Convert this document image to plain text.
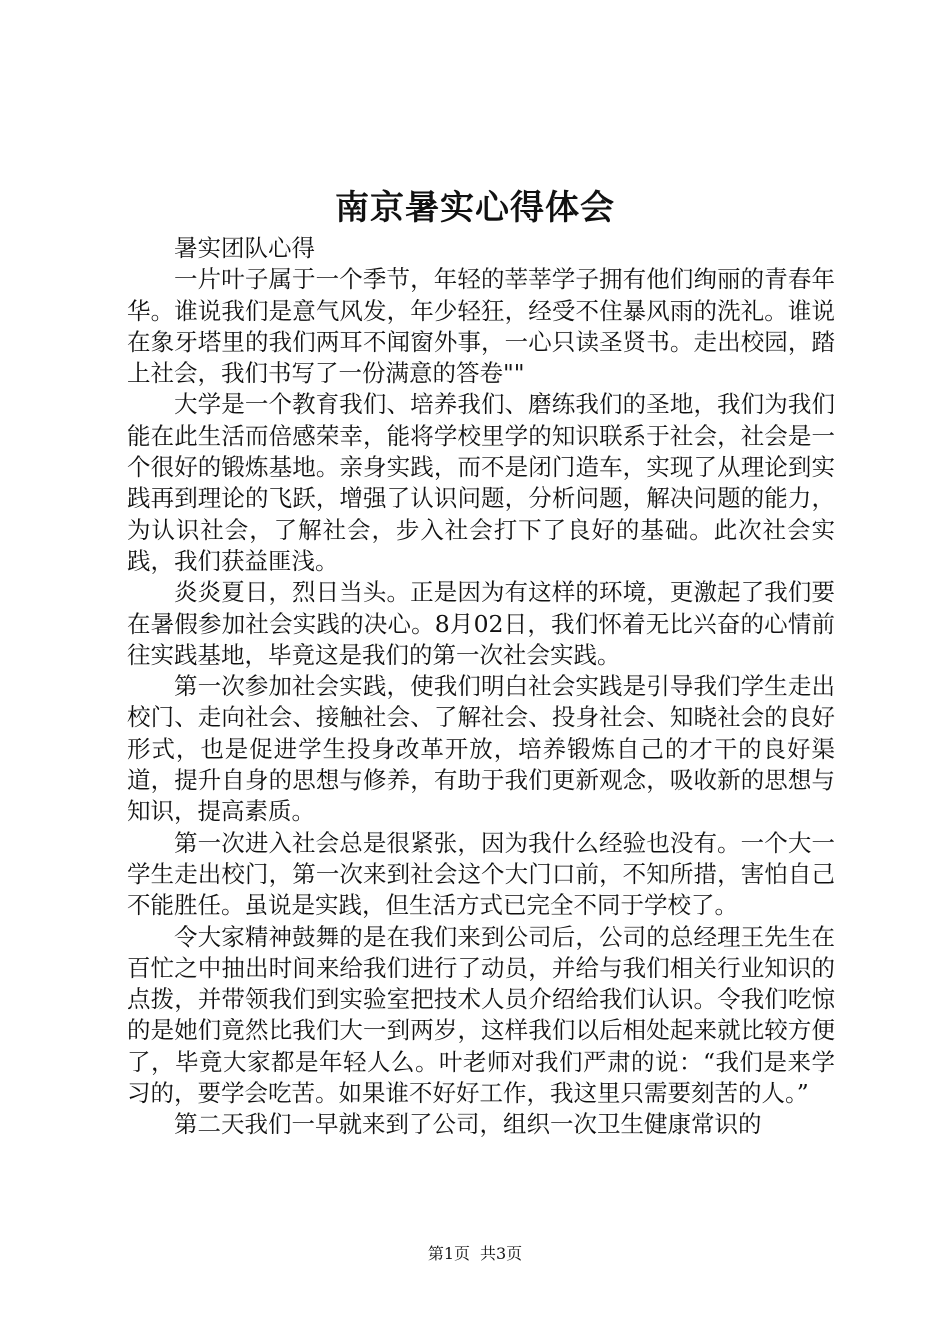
南京暑实心得体会

暑实团队心得

一片叶子属于一个季节，年轻的莘莘学子拥有他们绚丽的青春年华。谁说我们是意气风发，年少轻狂，经受不住暴风雨的洗礼。谁说在象牙塔里的我们两耳不闻窗外事，一心只读圣贤书。走出校园，踏上社会，我们书写了一份满意的答卷""

大学是一个教育我们、培养我们、磨练我们的圣地，我们为我们能在此生活而倍感荣幸，能将学校里学的知识联系于社会，社会是一个很好的锻炼基地。亲身实践，而不是闭门造车，实现了从理论到实践再到理论的飞跃，增强了认识问题，分析问题，解决问题的能力，为认识社会，了解社会，步入社会打下了良好的基础。此次社会实践，我们获益匪浅。

炎炎夏日，烈日当头。正是因为有这样的环境，更激起了我们要在暑假参加社会实践的决心。8月02日，我们怀着无比兴奋的心情前往实践基地，毕竟这是我们的第一次社会实践。

第一次参加社会实践，使我们明白社会实践是引导我们学生走出校门、走向社会、接触社会、了解社会、投身社会、知晓社会的良好形式，也是促进学生投身改革开放，培养锻炼自己的才干的良好渠道，提升自身的思想与修养，有助于我们更新观念，吸收新的思想与知识，提高素质。

第一次进入社会总是很紧张，因为我什么经验也没有。一个大一学生走出校门，第一次来到社会这个大门口前，不知所措，害怕自己不能胜任。虽说是实践，但生活方式已完全不同于学校了。

令大家精神鼓舞的是在我们来到公司后，公司的总经理王先生在百忙之中抽出时间来给我们进行了动员，并给与我们相关行业知识的点拨，并带领我们到实验室把技术人员介绍给我们认识。令我们吃惊的是她们竟然比我们大一到两岁，这样我们以后相处起来就比较方便了，毕竟大家都是年轻人么。叶老师对我们严肃的说：“我们是来学习的，要学会吃苦。如果谁不好好工作，我这里只需要刻苦的人。”

第二天我们一早就来到了公司，组织一次卫生健康常识的

第1页 共3页
